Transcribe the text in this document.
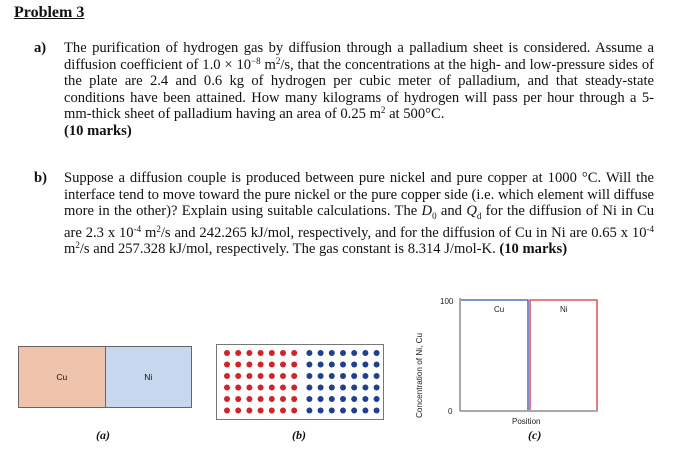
Problem 3
a) The purification of hydrogen gas by diffusion through a palladium sheet is considered. Assume a diffusion coefficient of $1.0 \times 10^{-8}$ $m^2/s$, that the concentrations at the high- and low-pressure sides of the plate are 2.4 and 0.6 kg of hydrogen per cubic meter of palladium, and that steady-state conditions have been attained. How many kilograms of hydrogen will pass per hour through a 5-mm-thick sheet of palladium having an area of 0.25 $m^2$ at 500°C.
(10 marks)
b) Suppose a diffusion couple is produced between pure nickel and pure copper at 1000 °C. Will the interface tend to move toward the pure nickel or the pure copper side (i.e. which element will diffuse more in the other)? Explain using suitable calculations. The $D_0$ and $Q_d$ for the diffusion of Ni in Cu are 2.3 x $10^{-4}$ $m^2/s$ and 242.265 kJ/mol, respectively, and for the diffusion of Cu in Ni are 0.65 x $10^{-4}$ $m^2/s$ and 257.328 kJ/mol, respectively. The gas constant is 8.314 J/mol-K. (10 marks)
Cu	Ni
(a)	(b)
Concentration of Ni, Cu
100
0
Cu	Ni
Position
(c)
